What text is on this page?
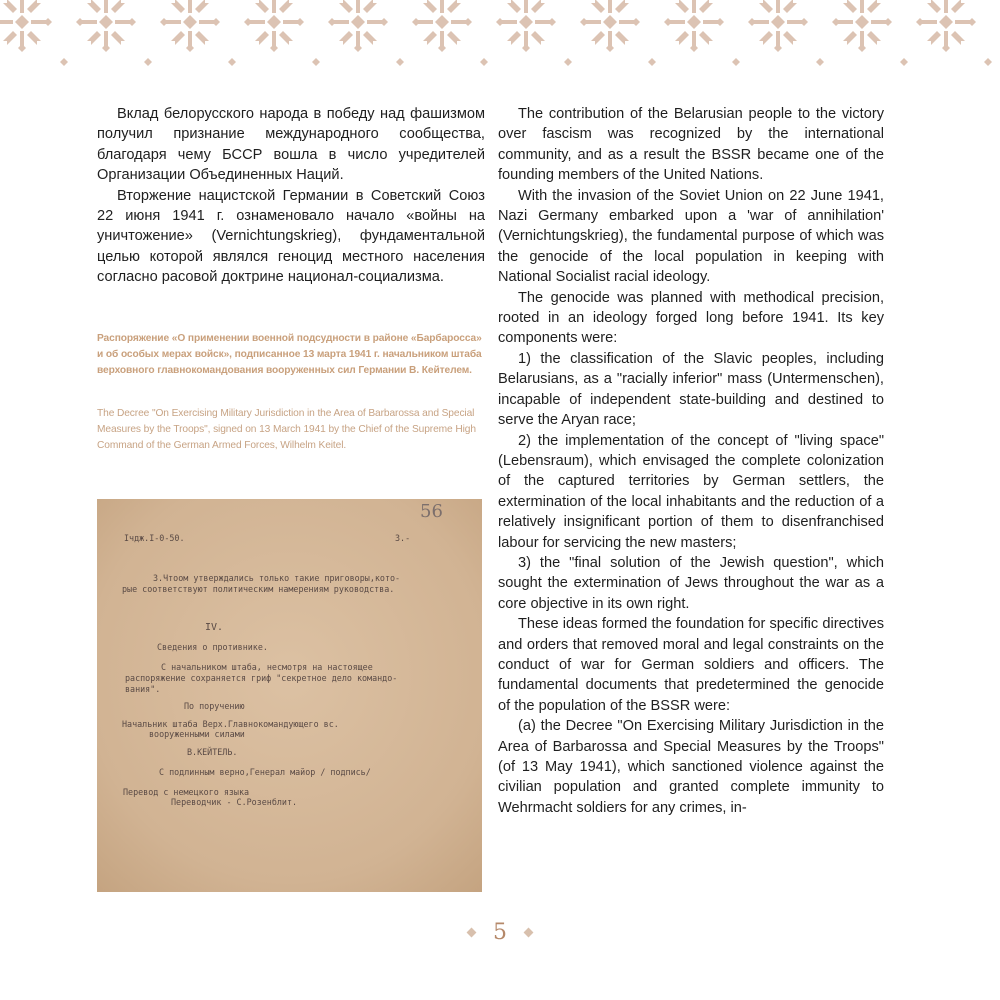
Вклад белорусского народа в победу над фашизмом получил признание международного сообщества, благодаря чему БССР вошла в число учредителей Организации Объединенных Наций.

Вторжение нацистской Германии в Советский Союз 22 июня 1941 г. ознаменовало начало «войны на уничтожение» (Vernichtungskrieg), фундаментальной целью которой являлся геноцид местного населения согласно расовой доктрине национал-социализма.

Распоряжение «О применении военной подсудности в районе «Барбаросса» и об особых мерах войск», подписанное 13 марта 1941 г. начальником штаба верховного главнокомандования вооруженных сил Германии В. Кейтелем.

The Decree "On Exercising Military Jurisdiction in the Area of Barbarossa and Special Measures by the Troops", signed on 13 March 1941 by the Chief of the Supreme High Command of the German Armed Forces, Wilhelm Keitel.

56
Iчдж.I-0-50.	3.-
3.Чтоом утверждались только такие приговоры,кото-
рые соответствуют политическим намерениям руководства.
IV.
Сведения о противнике.
С начальником штаба, несмотря на настоящее
распоряжение сохраняется гриф "секретное дело командо-
вания".
По поручению
Начальник штаба Верх.Главнокомандующего вс.
вооруженными силами
В.КЕЙТЕЛЬ.
С подлинным верно,Генерал майор / подпись/
Перевод с немецкого языка
Переводчик - С.Розенблит.

The contribution of the Belarusian people to the victory over fascism was recognized by the international community, and as a result the BSSR became one of the founding members of the United Nations.

With the invasion of the Soviet Union on 22 June 1941, Nazi Germany embarked upon a 'war of annihilation' (Vernichtungskrieg), the fundamental purpose of which was the genocide of the local population in keeping with National Socialist racial ideology.

The genocide was planned with methodical precision, rooted in an ideology forged long before 1941. Its key components were:

1) the classification of the Slavic peoples, including Belarusians, as a "racially inferior" mass (Untermenschen), incapable of independent state-building and destined to serve the Aryan race;

2) the implementation of the concept of "living space" (Lebensraum), which envisaged the complete colonization of the captured territories by German settlers, the extermination of the local inhabitants and the reduction of a relatively insignificant portion of them to disenfranchised labour for servicing the new masters;

3) the "final solution of the Jewish question", which sought the extermination of Jews throughout the war as a core objective in its own right.

These ideas formed the foundation for specific directives and orders that removed moral and legal constraints on the conduct of war for German soldiers and officers. The fundamental documents that predetermined the genocide of the population of the BSSR were:

(a) the Decree "On Exercising Military Jurisdiction in the Area of Barbarossa and Special Measures by the Troops" (of 13 May 1941), which sanctioned violence against the civilian population and granted complete immunity to Wehrmacht soldiers for any crimes, in-

5
